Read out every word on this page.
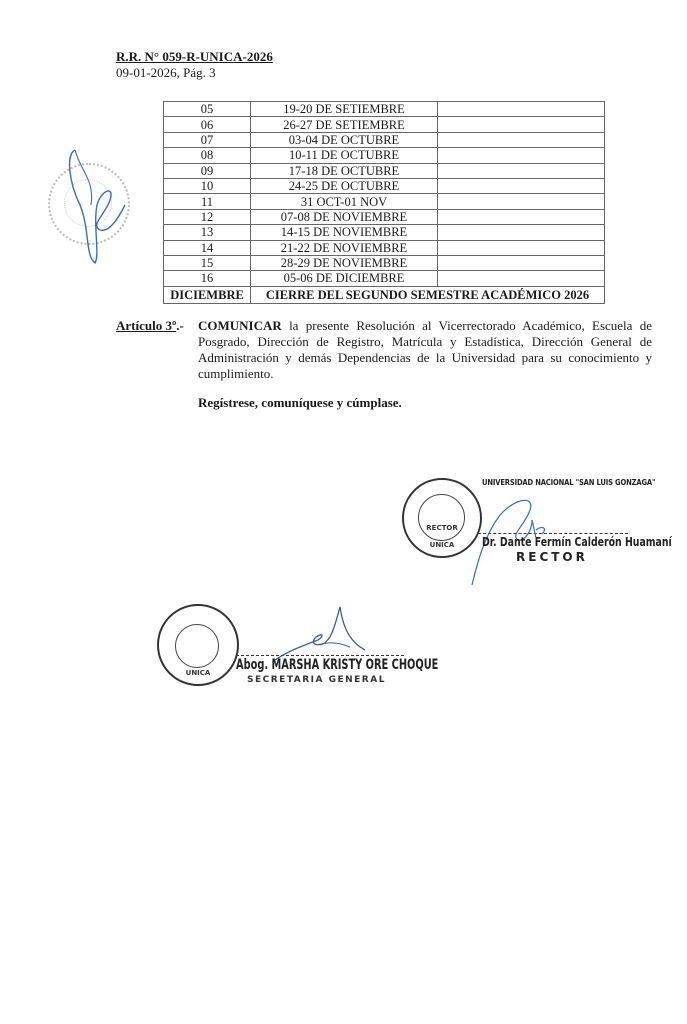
R.R. N° 059-R-UNICA-2026
09-01-2026, Pág. 3
05	19-20 DE SETIEMBRE	
06	26-27 DE SETIEMBRE	
07	03-04 DE OCTUBRE	
08	10-11 DE OCTUBRE	
09	17-18 DE OCTUBRE	
10	24-25 DE OCTUBRE	
11	31 OCT-01 NOV	
12	07-08 DE NOVIEMBRE	
13	14-15 DE NOVIEMBRE	
14	21-22 DE NOVIEMBRE	
15	28-29 DE NOVIEMBRE	
16	05-06 DE DICIEMBRE	
DICIEMBRE	CIERRE DEL SEGUNDO SEMESTRE ACADÉMICO 2026	
Artículo 3º.- COMUNICAR la presente Resolución al Vicerrectorado Académico, Escuela de Posgrado, Dirección de Registro, Matrícula y Estadística, Dirección General de Administración y demás Dependencias de la Universidad para su conocimiento y cumplimiento.
Regístrese, comuníquese y cúmplase.
RECTOR
UNICA
UNIVERSIDAD NACIONAL "SAN LUIS GONZAGA"
Dr. Dante Fermín Calderón Huamaní
RECTOR
UNICA	Abog. MARSHA KRISTY ORE CHOQUE
SECRETARIA GENERAL
